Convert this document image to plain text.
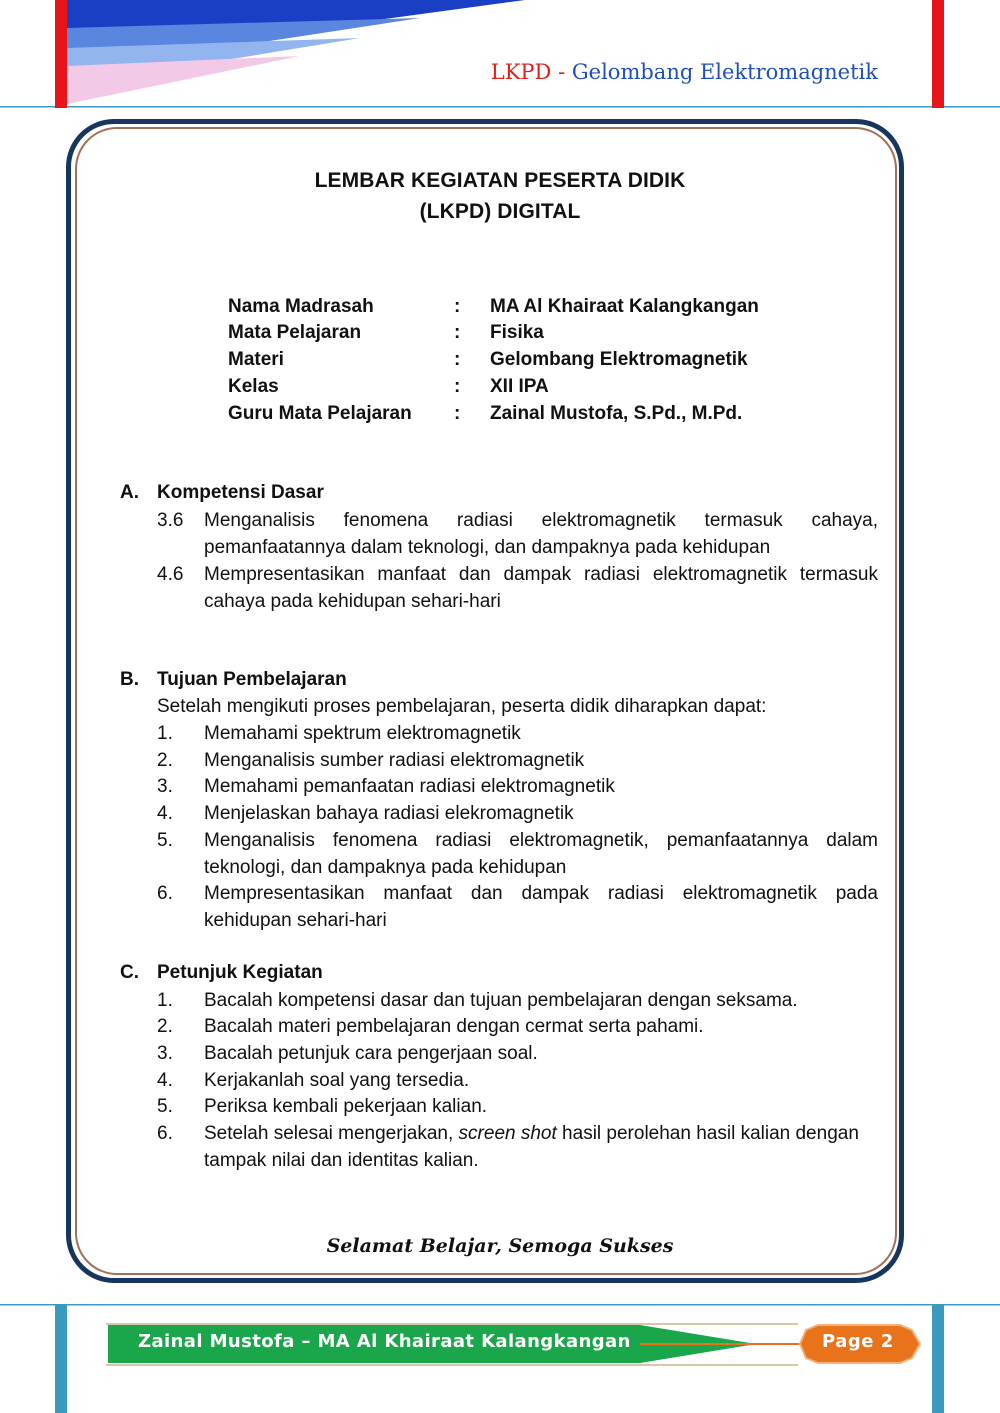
LKPD - Gelombang Elektromagnetik
LEMBAR KEGIATAN PESERTA DIDIK
(LKPD) DIGITAL
Nama Madrasah	: MA Al Khairaat Kalangkangan
Mata Pelajaran	: Fisika
Materi	: Gelombang Elektromagnetik
Kelas	: XII IPA
Guru Mata Pelajaran	: Zainal Mustofa, S.Pd., M.Pd.
A. Kompetensi Dasar
3.6 Menganalisis fenomena radiasi elektromagnetik termasuk cahaya, pemanfaatannya dalam teknologi, dan dampaknya pada kehidupan
4.6 Mempresentasikan manfaat dan dampak radiasi elektromagnetik termasuk cahaya pada kehidupan sehari-hari
B. Tujuan Pembelajaran
Setelah mengikuti proses pembelajaran, peserta didik diharapkan dapat:
1. Memahami spektrum elektromagnetik
2. Menganalisis sumber radiasi elektromagnetik
3. Memahami pemanfaatan radiasi elektromagnetik
4. Menjelaskan bahaya radiasi elekromagnetik
5. Menganalisis fenomena radiasi elektromagnetik, pemanfaatannya dalam teknologi, dan dampaknya pada kehidupan
6. Mempresentasikan manfaat dan dampak radiasi elektromagnetik pada kehidupan sehari-hari
C. Petunjuk Kegiatan
1. Bacalah kompetensi dasar dan tujuan pembelajaran dengan seksama.
2. Bacalah materi pembelajaran dengan cermat serta pahami.
3. Bacalah petunjuk cara pengerjaan soal.
4. Kerjakanlah soal yang tersedia.
5. Periksa kembali pekerjaan kalian.
6. Setelah selesai mengerjakan, screen shot hasil perolehan hasil kalian dengan tampak nilai dan identitas kalian.
Selamat Belajar, Semoga Sukses
Zainal Mustofa – MA Al Khairaat Kalangkangan	Page 2
